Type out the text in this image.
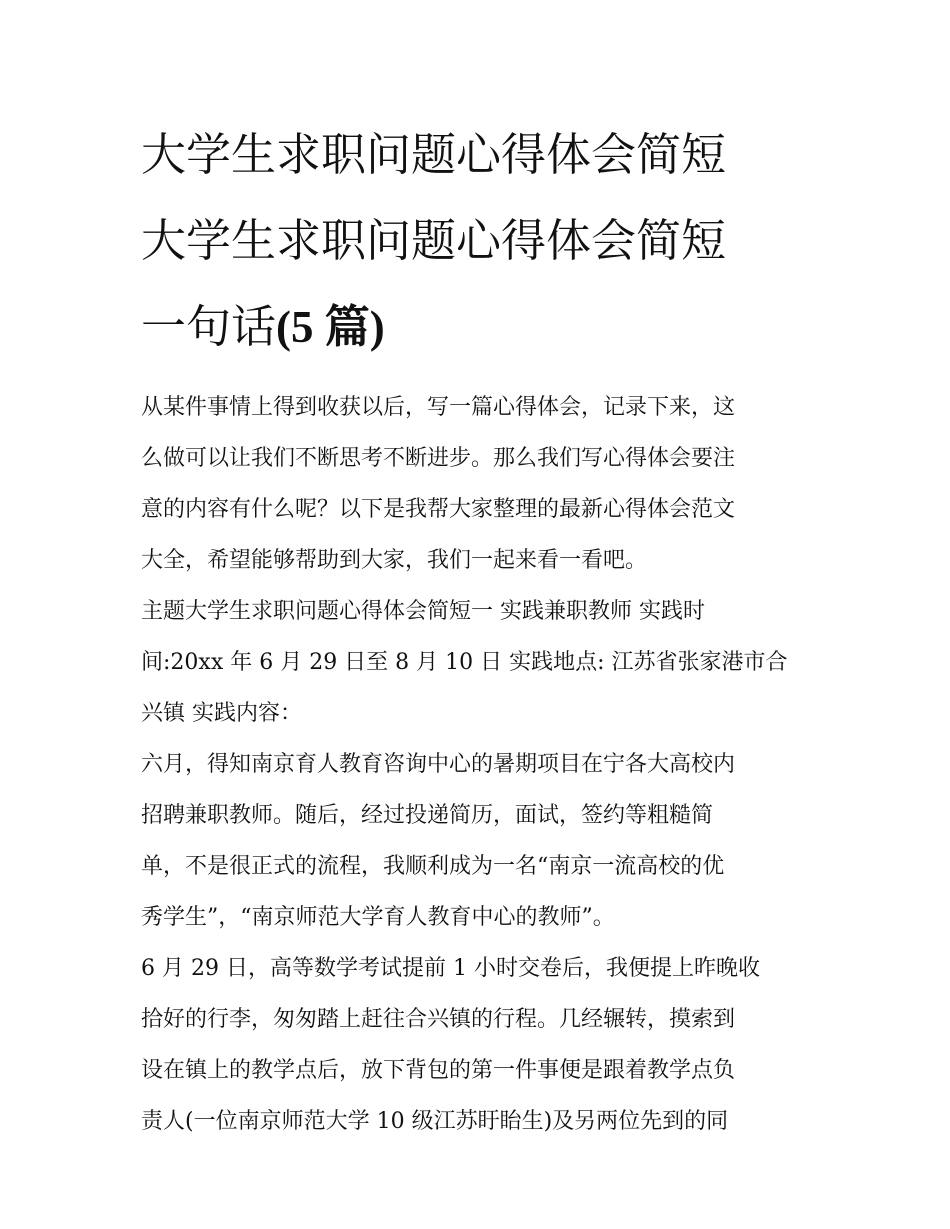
大学生求职问题心得体会简短
大学生求职问题心得体会简短
一句话(5 篇)

从某件事情上得到收获以后，写一篇心得体会，记录下来，这
么做可以让我们不断思考不断进步。那么我们写心得体会要注
意的内容有什么呢？以下是我帮大家整理的最新心得体会范文
大全，希望能够帮助到大家，我们一起来看一看吧。

主题大学生求职问题心得体会简短一 实践兼职教师 实践时
间:20xx 年 6 月 29 日至 8 月 10 日 实践地点: 江苏省张家港市合
兴镇 实践内容：

六月，得知南京育人教育咨询中心的暑期项目在宁各大高校内
招聘兼职教师。随后，经过投递简历，面试，签约等粗糙简
单，不是很正式的流程，我顺利成为一名“南京一流高校的优
秀学生”，“南京师范大学育人教育中心的教师”。

6 月 29 日，高等数学考试提前 1 小时交卷后，我便提上昨晚收
拾好的行李，匆匆踏上赶往合兴镇的行程。几经辗转，摸索到
设在镇上的教学点后，放下背包的第一件事便是跟着教学点负
责人(一位南京师范大学 10 级江苏盱眙生)及另两位先到的同
